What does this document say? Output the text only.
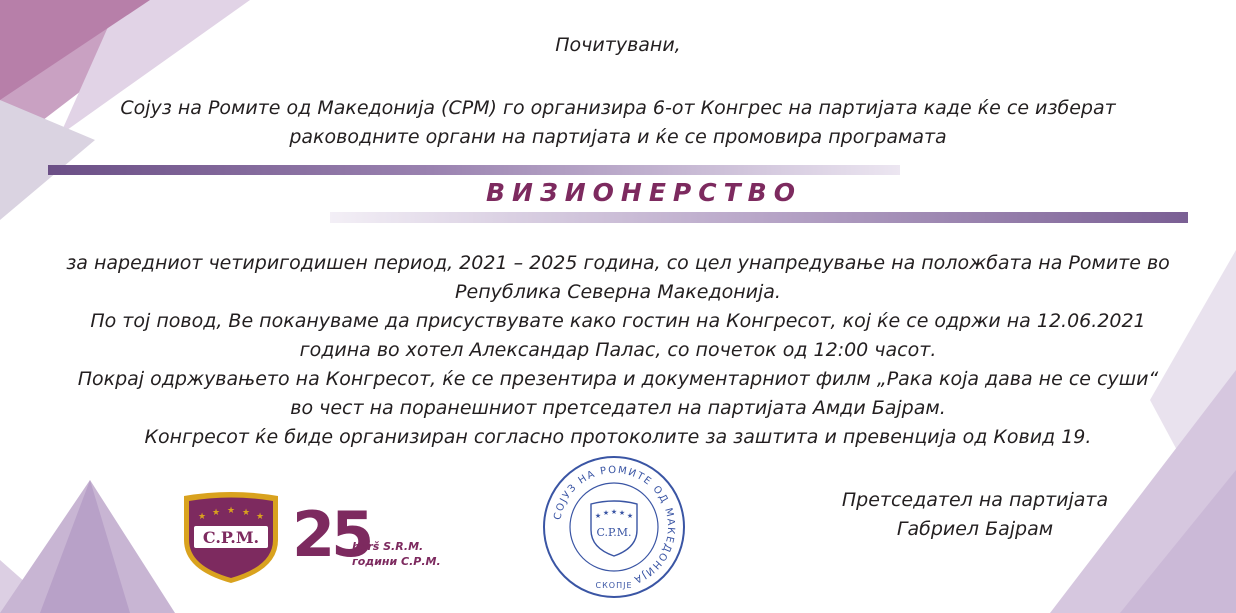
Почитувани,
Сојуз на Ромите од Македонија (СРМ) го организира 6-от Конгрес на партијата каде ќе се изберат
раководните органи на партијата и ќе се промовира програмата
ВИЗИОНЕРСТВО
за наредниот четиригодишен период, 2021 – 2025 година, со цел унапредување на положбата на Ромите во
Република Северна Македонија.
По тој повод, Ве покануваме да присуствувате како гостин на Конгресот, кој ќе се одржи на 12.06.2021
година во хотел Александар Палас, со почеток од 12:00 часот.
Покрај одржувањето на Конгресот, ќе се презентира и документарниот филм „Рака која дава не се суши“
во чест на поранешниот претседател на партијата Амди Бајрам.
Конгресот ќе биде организиран согласно протоколите за заштита и превенција од Ковид 19.
★ ★ ★ ★ ★
C.P.M. 25
berš S.R.M.
години С.Р.М.
СОЈУЗ НА РОМИТЕ ОД МАКЕДОНИЈА
★ ★ ★ ★ ★
C.P.M.
СКОПЈЕ
Претседател на партијата
Габриел Бајрам
